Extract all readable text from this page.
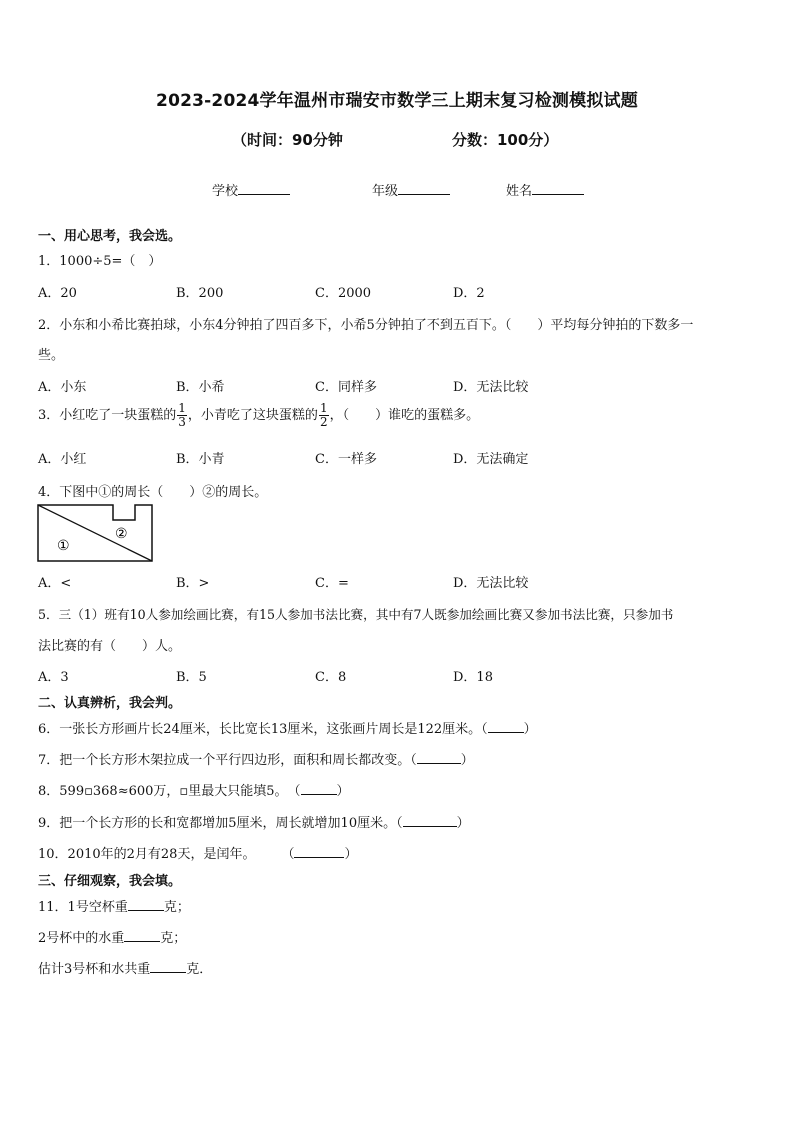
2023-2024学年温州市瑞安市数学三上期末复习检测模拟试题
（时间：90分钟	分数：100分）
学校	年级	姓名
一、用心思考，我会选。
1．1000÷5=（　）
A．20	B．200	C．2000	D．2
2．小东和小希比赛拍球，小东4分钟拍了四百多下，小希5分钟拍了不到五百下。（　　）平均每分钟拍的下数多一
些。
A．小东	B．小希	C．同样多	D．无法比较
3．小红吃了一块蛋糕的 $\frac{1}{3}$ ，小青吃了这块蛋糕的 $\frac{1}{2}$ ，（　　）谁吃的蛋糕多。
A．小红	B．小青	C．一样多	D．无法确定
4．下图中①的周长（　　）②的周长。
①
②
A．<	B．>	C．=	D．无法比较
5．三（1）班有10人参加绘画比赛，有15人参加书法比赛，其中有7人既参加绘画比赛又参加书法比赛，只参加书
法比赛的有（　　）人。
A．3	B．5	C．8	D．18
二、认真辨析，我会判。
6．一张长方形画片长24厘米，长比宽长13厘米，这张画片周长是122厘米。（	）
7．把一个长方形木架拉成一个平行四边形，面积和周长都改变。（	）
8．599▫368≈600万，▫里最大只能填5。　（	）
9．把一个长方形的长和宽都增加5厘米，周长就增加10厘米。（	）
10．2010年的2月有28天，是闰年。　　　（	）
三、仔细观察，我会填。
11．1号空杯重	克；
2号杯中的水重	克；
估计3号杯和水共重	克．
